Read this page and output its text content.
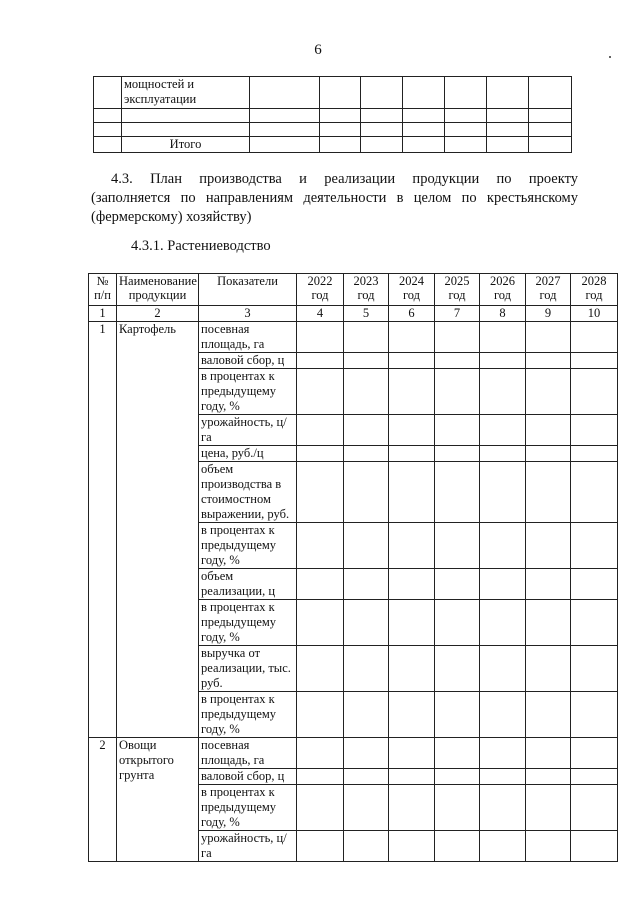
6
	мощностей и эксплуатации							

	Итого							
4.3. План производства и реализации продукции по проекту
(заполняется по направлениям деятельности в целом по крестьянскому (фермерскому) хозяйству)
4.3.1. Растениеводство
№ п/п	Наименование продукции	Показатели	2022 год	2023 год	2024 год	2025 год	2026 год	2027 год	2028 год
1	2	3	4	5	6	7	8	9	10
1	Картофель	посевная площадь, га							
		валовой сбор, ц							
		в процентах к предыдущему году, %							
		урожайность, ц/га							
		цена, руб./ц							
		объем производства в стоимостном выражении, руб.							
		в процентах к предыдущему году, %							
		объем реализации, ц							
		в процентах к предыдущему году, %							
		выручка от реализации, тыс. руб.							
		в процентах к предыдущему году, %							
2	Овощи открытого грунта	посевная площадь, га							
		валовой сбор, ц							
		в процентах к предыдущему году, %							
		урожайность, ц/га							
